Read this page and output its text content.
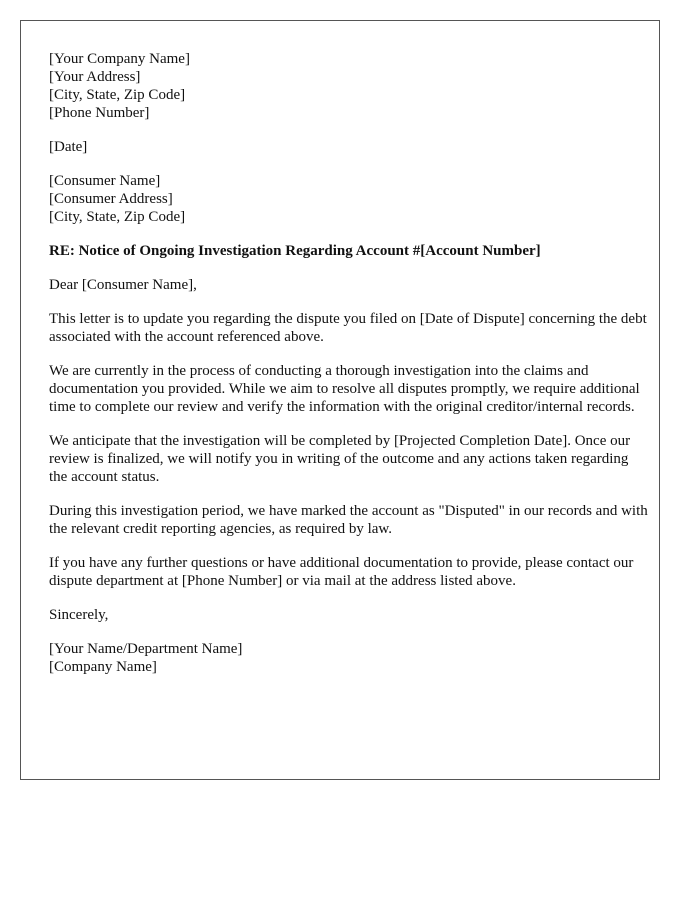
[Your Company Name]
[Your Address]
[City, State, Zip Code]
[Phone Number]
[Date]
[Consumer Name]
[Consumer Address]
[City, State, Zip Code]
RE: Notice of Ongoing Investigation Regarding Account #[Account Number]

Dear [Consumer Name],

This letter is to update you regarding the dispute you filed on [Date of Dispute] concerning the debt associated with the account referenced above.

We are currently in the process of conducting a thorough investigation into the claims and documentation you provided. While we aim to resolve all disputes promptly, we require additional time to complete our review and verify the information with the original creditor/internal records.

We anticipate that the investigation will be completed by [Projected Completion Date]. Once our review is finalized, we will notify you in writing of the outcome and any actions taken regarding the account status.

During this investigation period, we have marked the account as "Disputed" in our records and with the relevant credit reporting agencies, as required by law.

If you have any further questions or have additional documentation to provide, please contact our dispute department at [Phone Number] or via mail at the address listed above.

Sincerely,

[Your Name/Department Name]
[Company Name]
